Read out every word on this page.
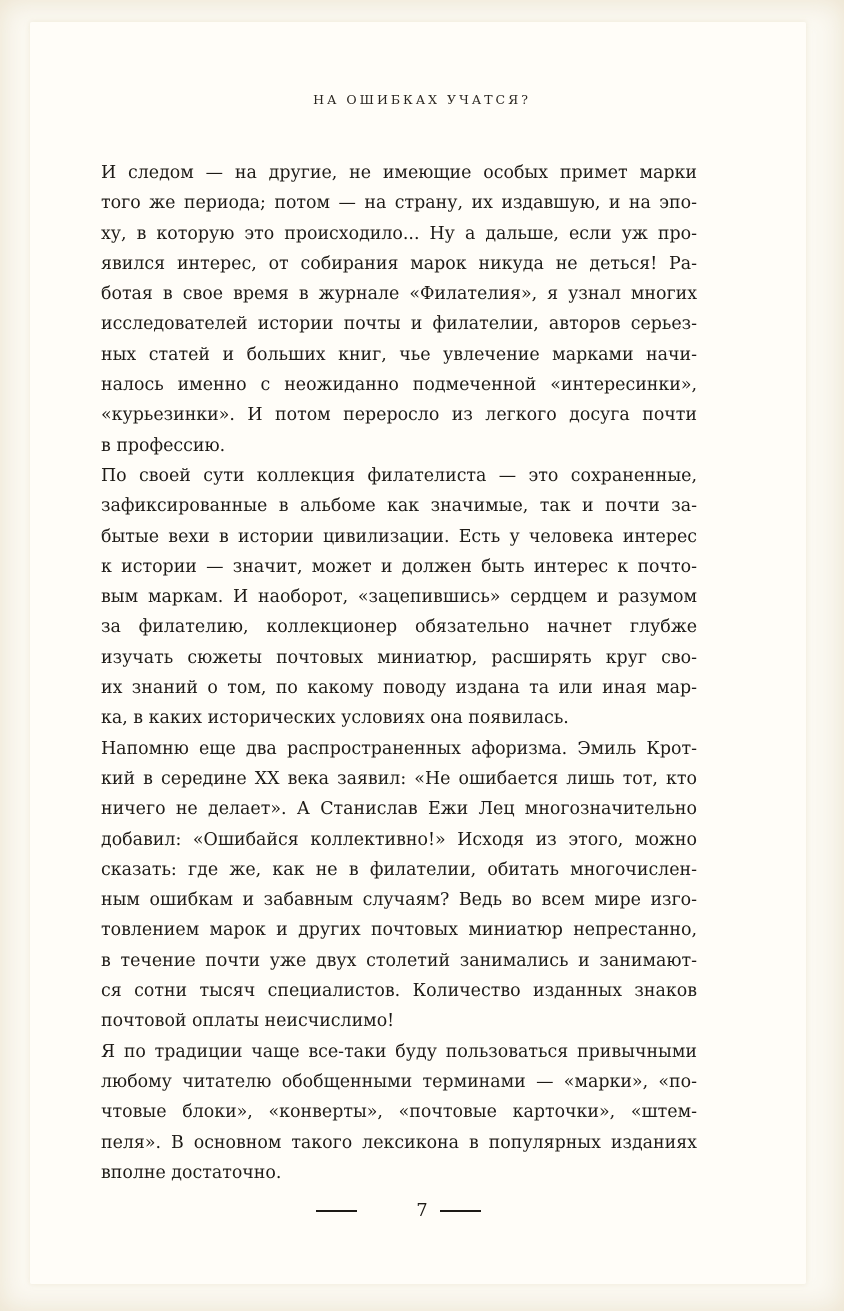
НА ОШИБКАХ УЧАТСЯ?
И следом — на другие, не имеющие особых примет марки
того же периода; потом — на страну, их издавшую, и на эпо-
ху, в которую это происходило... Ну а дальше, если уж про-
явился интерес, от собирания марок никуда не деться! Ра-
ботая в свое время в журнале «Филателия», я узнал многих
исследователей истории почты и филателии, авторов серьез-
ных статей и больших книг, чье увлечение марками начи-
налось именно с неожиданно подмеченной «интересинки»,
«курьезинки». И потом переросло из легкого досуга почти
в профессию.
По своей сути коллекция филателиста — это сохраненные,
зафиксированные в альбоме как значимые, так и почти за-
бытые вехи в истории цивилизации. Есть у человека интерес
к истории — значит, может и должен быть интерес к почто-
вым маркам. И наоборот, «зацепившись» сердцем и разумом
за филателию, коллекционер обязательно начнет глубже
изучать сюжеты почтовых миниатюр, расширять круг сво-
их знаний о том, по какому поводу издана та или иная мар-
ка, в каких исторических условиях она появилась.
Напомню еще два распространенных афоризма. Эмиль Крот-
кий в середине XX века заявил: «Не ошибается лишь тот, кто
ничего не делает». А Станислав Ежи Лец многозначительно
добавил: «Ошибайся коллективно!» Исходя из этого, можно
сказать: где же, как не в филателии, обитать многочислен-
ным ошибкам и забавным случаям? Ведь во всем мире изго-
товлением марок и других почтовых миниатюр непрестанно,
в течение почти уже двух столетий занимались и занимают-
ся сотни тысяч специалистов. Количество изданных знаков
почтовой оплаты неисчислимо!
Я по традиции чаще все-таки буду пользоваться привычными
любому читателю обобщенными терминами — «марки», «по-
чтовые блоки», «конверты», «почтовые карточки», «штем-
пеля». В основном такого лексикона в популярных изданиях
вполне достаточно.
7
